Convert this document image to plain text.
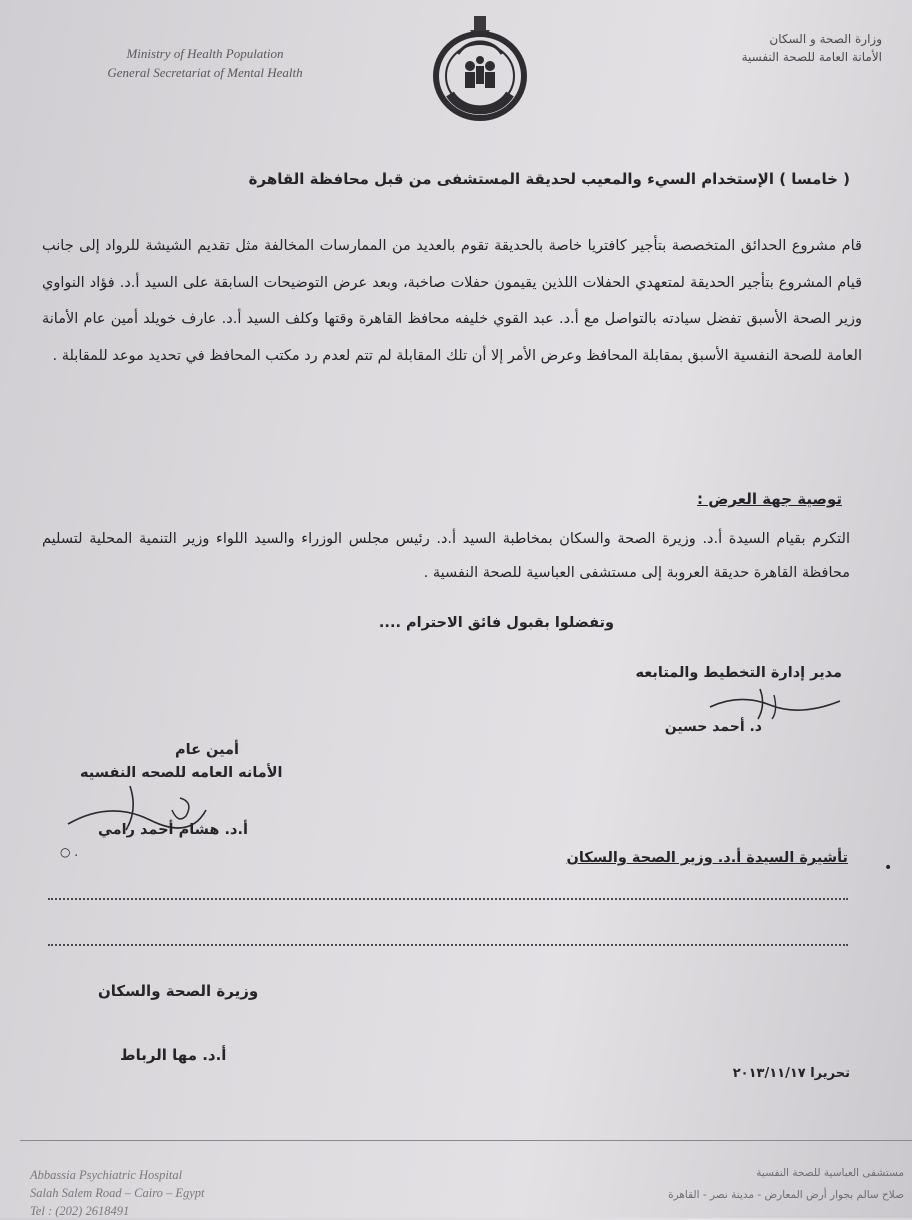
Ministry of Health Population
General Secretariat of Mental Health
وزارة الصحة و السكان
الأمانة العامة للصحة النفسية
( خامسا ) الإستخدام السيء والمعيب لحديقة المستشفى من قبل محافظة القاهرة
قام مشروع الحدائق المتخصصة بتأجير كافتريا خاصة بالحديقة تقوم بالعديد من الممارسات المخالفة مثل تقديم الشيشة للرواد إلى جانب قيام المشروع بتأجير الحديقة لمتعهدي الحفلات اللذين يقيمون حفلات صاخبة، وبعد عرض التوضيحات السابقة على السيد أ.د. فؤاد النواوي وزير الصحة الأسبق تفضل سيادته بالتواصل مع أ.د. عبد القوي خليفه محافظ القاهرة وقتها وكلف السيد أ.د. عارف خويلد أمين عام الأمانة العامة للصحة النفسية الأسبق بمقابلة المحافظ وعرض الأمر إلا أن تلك المقابلة لم تتم لعدم رد مكتب المحافظ في تحديد موعد للمقابلة .
توصية جهة العرض :
التكرم بقيام السيدة أ.د. وزيرة الصحة والسكان بمخاطبة السيد أ.د. رئيس مجلس الوزراء والسيد اللواء وزير التنمية المحلية لتسليم محافظة القاهرة حديقة العروبة إلى مستشفى العباسية للصحة النفسية .
وتفضلوا بقبول فائق الاحترام ....
مدير إدارة التخطيط والمتابعه
د. أحمد حسين
أمين عام
الأمانه العامه للصحه النفسيه
أ.د. هشام أحمد رامي
○ .	تأشيرة السيدة أ.د. وزير الصحة والسكان
•
وزيرة الصحة والسكان
أ.د. مها الرباط
تحريرا ٢٠١٣/١١/١٧
Abbassia Psychiatric Hospital
Salah Salem Road – Cairo – Egypt
Tel : (202) 2618491
مستشفى العباسية للصحة النفسية
صلاح سالم بجوار أرض المعارض - مدينة نصر - القاهرة
